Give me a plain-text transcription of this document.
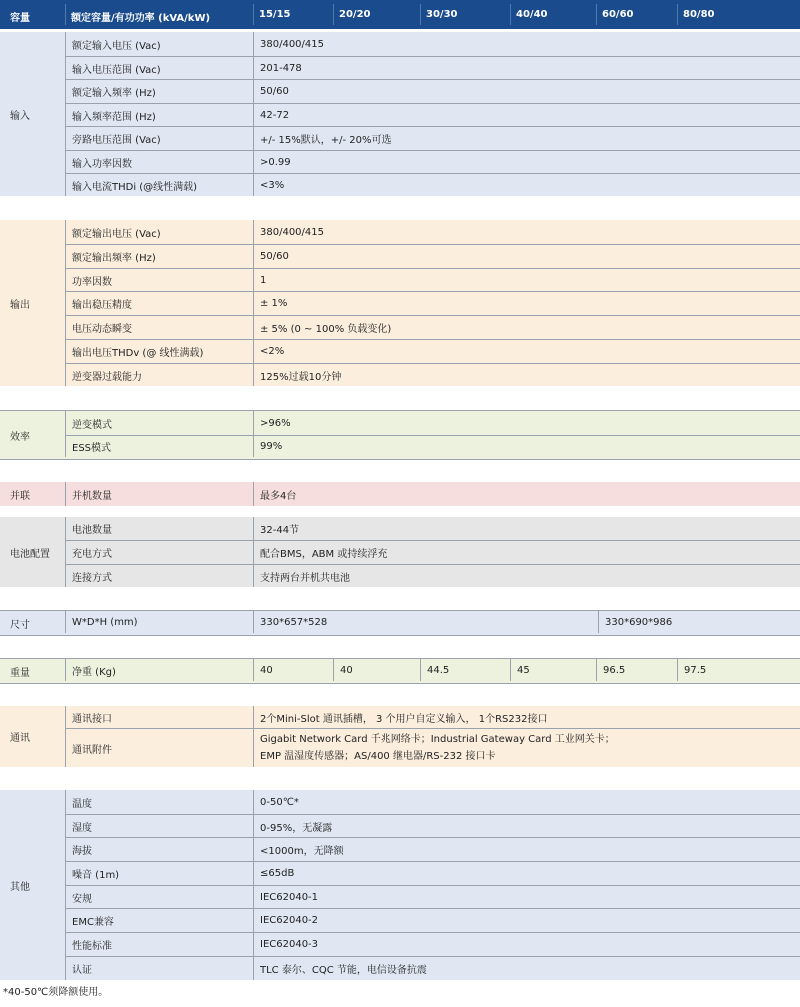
容量	额定容量/有功功率 (kVA/kW)	15/15	20/20	30/30	40/40	60/60	80/80
输入
额定输入电压 (Vac)	380/400/415
输入电压范围 (Vac)	201-478
额定输入频率 (Hz)	50/60
输入频率范围 (Hz)	42-72
旁路电压范围 (Vac)	+/- 15%默认，+/- 20%可选
输入功率因数	>0.99
输入电流THDi (@线性满载)	<3%
输出
额定输出电压 (Vac)	380/400/415
额定输出频率 (Hz)	50/60
功率因数	1
输出稳压精度	± 1%
电压动态瞬变	± 5% (0 ~ 100% 负载变化)
输出电压THDv (@ 线性满载)	<2%
逆变器过载能力	125%过载10分钟
效率
逆变模式	>96%
ESS模式	99%
并联	并机数量	最多4台
电池配置
电池数量	32-44节
充电方式	配合BMS，ABM 或持续浮充
连接方式	支持两台并机共电池
尺寸	W*D*H (mm)	330*657*528	330*690*986
重量	净重 (Kg)	40	40	44.5	45	96.5	97.5
通讯
通讯接口	2个Mini-Slot 通讯插槽， 3 个用户自定义输入， 1个RS232接口
通讯附件
Gigabit Network Card 千兆网络卡；Industrial Gateway Card 工业网关卡；
EMP 温湿度传感器；AS/400 继电器/RS-232 接口卡
其他
温度	0-50℃*
湿度	0-95%，无凝露
海拔	<1000m，无降额
噪音 (1m)	≤65dB
安规	IEC62040-1
EMC兼容	IEC62040-2
性能标准	IEC62040-3
认证	TLC 泰尔、CQC 节能，电信设备抗震
*40-50℃须降额使用。
